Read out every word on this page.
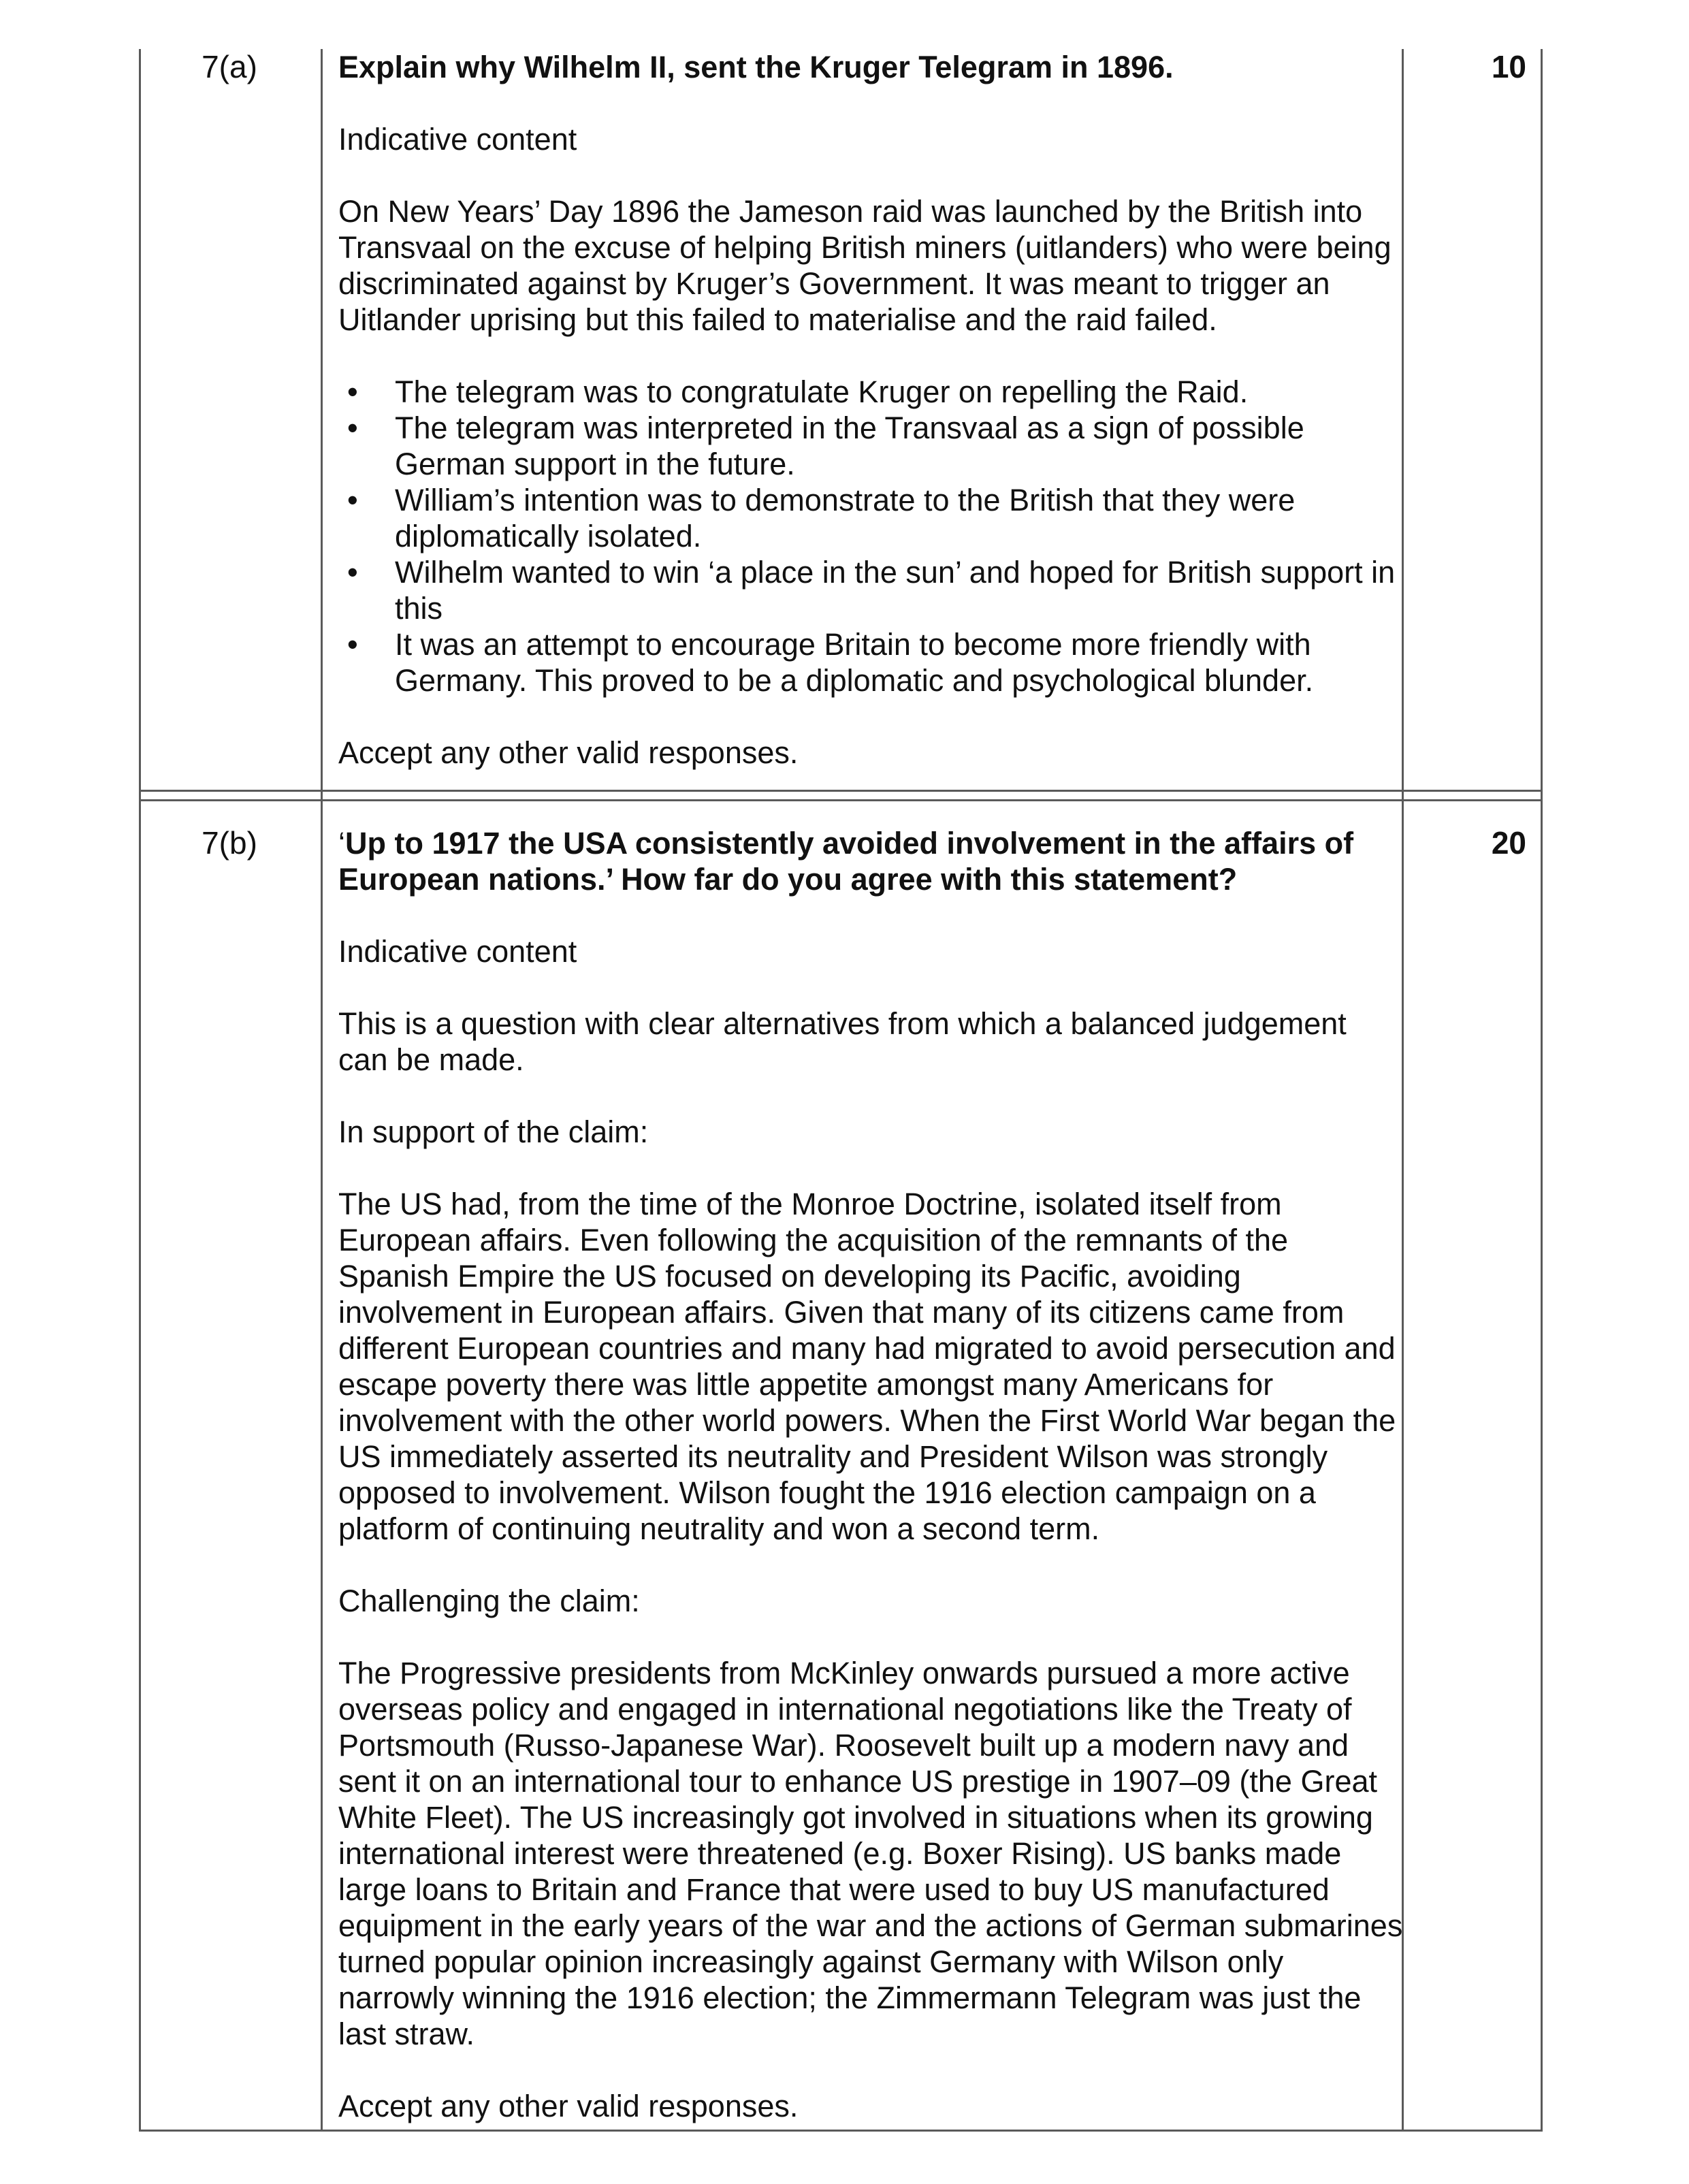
7(a)	10

Explain why Wilhelm II, sent the Kruger Telegram in 1896.

Indicative content

On New Years’ Day 1896 the Jameson raid was launched by the British into Transvaal on the excuse of helping British miners (uitlanders) who were being discriminated against by Kruger’s Government. It was meant to trigger an Uitlander uprising but this failed to materialise and the raid failed.

• The telegram was to congratulate Kruger on repelling the Raid.
• The telegram was interpreted in the Transvaal as a sign of possible German support in the future.
• William’s intention was to demonstrate to the British that they were diplomatically isolated.
• Wilhelm wanted to win ‘a place in the sun’ and hoped for British support in this
• It was an attempt to encourage Britain to become more friendly with Germany. This proved to be a diplomatic and psychological blunder.

Accept any other valid responses.

7(b)	20

‘Up to 1917 the USA consistently avoided involvement in the affairs of European nations.’ How far do you agree with this statement?

Indicative content

This is a question with clear alternatives from which a balanced judgement can be made.

In support of the claim:

The US had, from the time of the Monroe Doctrine, isolated itself from European affairs. Even following the acquisition of the remnants of the Spanish Empire the US focused on developing its Pacific, avoiding involvement in European affairs. Given that many of its citizens came from different European countries and many had migrated to avoid persecution and escape poverty there was little appetite amongst many Americans for involvement with the other world powers. When the First World War began the US immediately asserted its neutrality and President Wilson was strongly opposed to involvement. Wilson fought the 1916 election campaign on a platform of continuing neutrality and won a second term.

Challenging the claim:

The Progressive presidents from McKinley onwards pursued a more active overseas policy and engaged in international negotiations like the Treaty of Portsmouth (Russo-Japanese War). Roosevelt built up a modern navy and sent it on an international tour to enhance US prestige in 1907–09 (the Great White Fleet). The US increasingly got involved in situations when its growing international interest were threatened (e.g. Boxer Rising). US banks made large loans to Britain and France that were used to buy US manufactured equipment in the early years of the war and the actions of German submarines turned popular opinion increasingly against Germany with Wilson only narrowly winning the 1916 election; the Zimmermann Telegram was just the last straw.

Accept any other valid responses.
